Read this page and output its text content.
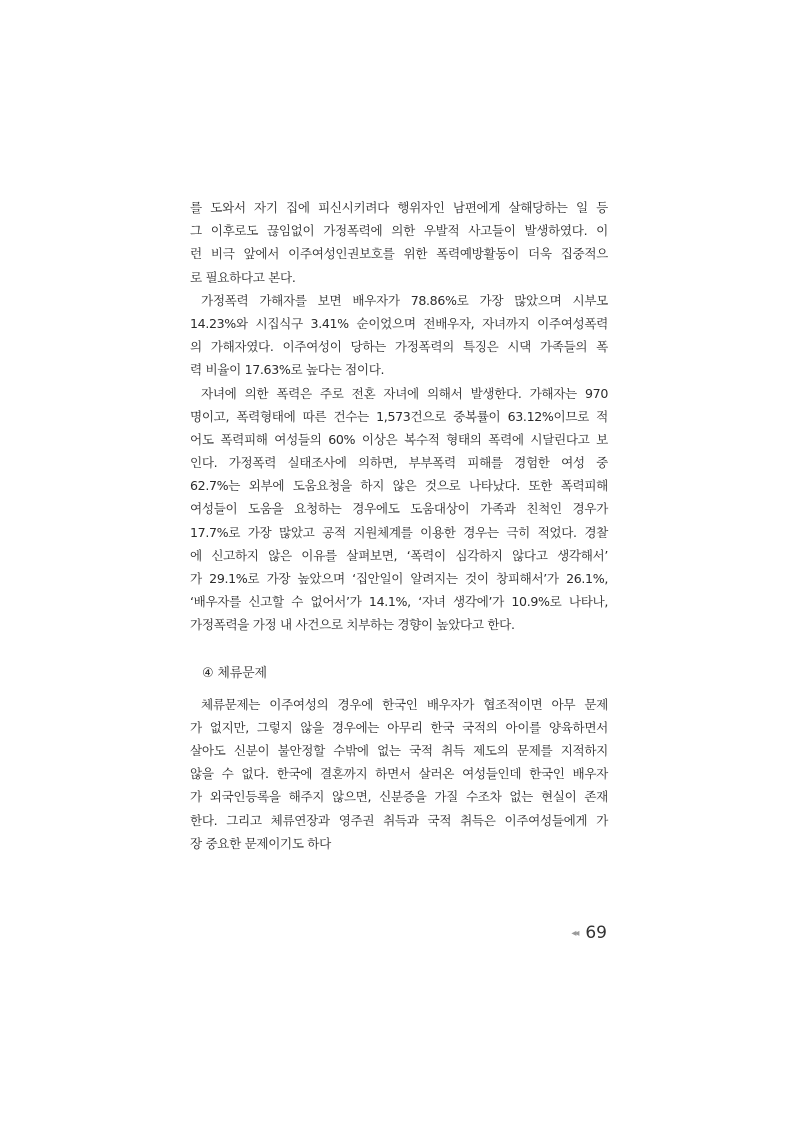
를 도와서 자기 집에 피신시키려다 행위자인 남편에게 살해당하는 일 등
그 이후로도 끊임없이 가정폭력에 의한 우발적 사고들이 발생하였다. 이
런 비극 앞에서 이주여성인권보호를 위한 폭력예방활동이 더욱 집중적으
로 필요하다고 본다.
가정폭력 가해자를 보면 배우자가 78.86%로 가장 많았으며 시부모
14.23%와 시집식구 3.41% 순이었으며 전배우자, 자녀까지 이주여성폭력
의 가해자였다. 이주여성이 당하는 가정폭력의 특징은 시댁 가족들의 폭
력 비율이 17.63%로 높다는 점이다.
자녀에 의한 폭력은 주로 전혼 자녀에 의해서 발생한다. 가해자는 970
명이고, 폭력형태에 따른 건수는 1,573건으로 중복률이 63.12%이므로 적
어도 폭력피해 여성들의 60% 이상은 복수적 형태의 폭력에 시달린다고 보
인다. 가정폭력 실태조사에 의하면, 부부폭력 피해를 경험한 여성 중
62.7%는 외부에 도움요청을 하지 않은 것으로 나타났다. 또한 폭력피해
여성들이 도움을 요청하는 경우에도 도움대상이 가족과 친척인 경우가
17.7%로 가장 많았고 공적 지원체계를 이용한 경우는 극히 적었다. 경찰
에 신고하지 않은 이유를 살펴보면, ‘폭력이 심각하지 않다고 생각해서’
가 29.1%로 가장 높았으며 ‘집안일이 알려지는 것이 창피해서’가 26.1%,
‘배우자를 신고할 수 없어서’가 14.1%, ‘자녀 생각에’가 10.9%로 나타나,
가정폭력을 가정 내 사건으로 치부하는 경향이 높았다고 한다.
④ 체류문제
체류문제는 이주여성의 경우에 한국인 배우자가 협조적이면 아무 문제
가 없지만, 그렇지 않을 경우에는 아무리 한국 국적의 아이를 양육하면서
살아도 신분이 불안정할 수밖에 없는 국적 취득 제도의 문제를 지적하지
않을 수 없다. 한국에 결혼까지 하면서 살러온 여성들인데 한국인 배우자
가 외국인등록을 해주지 않으면, 신분증을 가질 수조차 없는 현실이 존재
한다. 그리고 체류연장과 영주권 취득과 국적 취득은 이주여성들에게 가
장 중요한 문제이기도 하다
◂◂ 69
